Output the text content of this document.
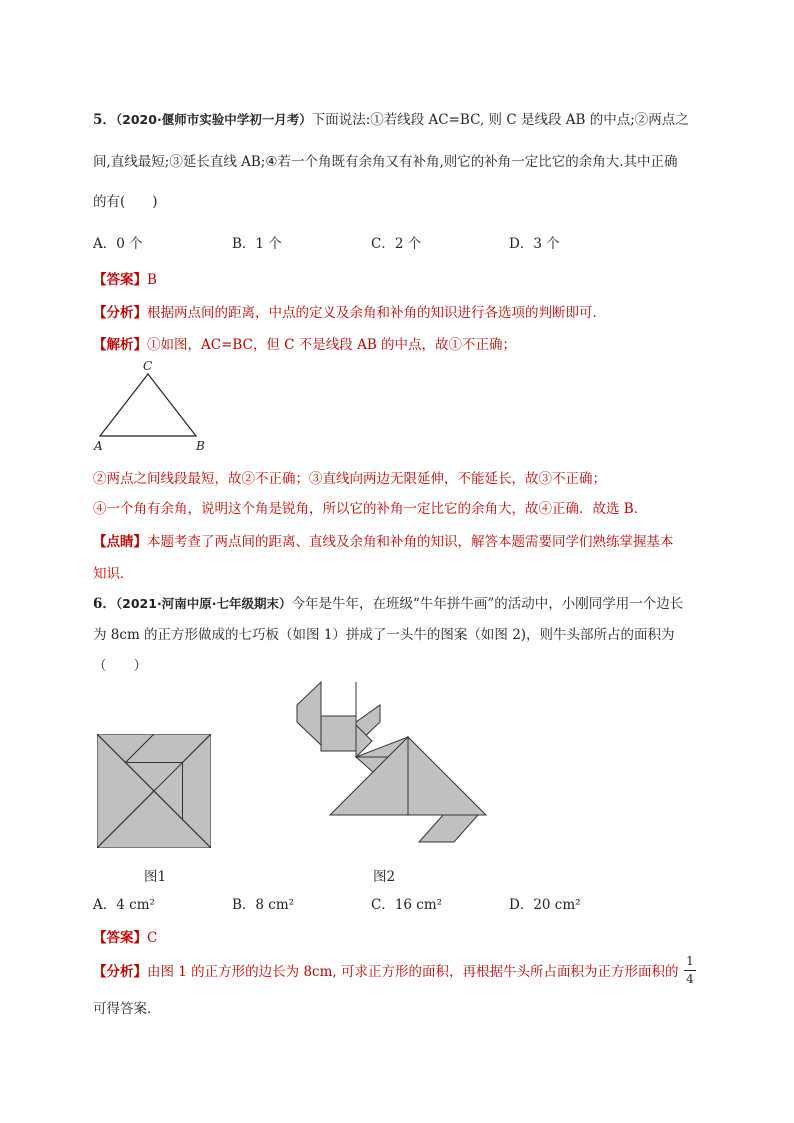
5．（2020·偃师市实验中学初一月考）下面说法:①若线段 AC=BC, 则 C 是线段 AB 的中点;②两点之
间,直线最短;③延长直线 AB;④若一个角既有余角又有补角,则它的补角一定比它的余角大.其中正确
的有(　　)
A．0 个	B．1 个	C．2 个	D．3 个
【答案】B
【分析】根据两点间的距离，中点的定义及余角和补角的知识进行各选项的判断即可．
【解析】①如图，AC=BC，但 C 不是线段 AB 的中点，故①不正确；
C
A	B
②两点之间线段最短，故②不正确；③直线向两边无限延伸，不能延长，故③不正确；
④一个角有余角，说明这个角是锐角，所以它的补角一定比它的余角大，故④正确．故选 B．
【点睛】本题考查了两点间的距离、直线及余角和补角的知识，解答本题需要同学们熟练掌握基本
知识．
6．（2021·河南中原·七年级期末）今年是牛年，在班级“牛年拼牛画”的活动中，小刚同学用一个边长
为 8cm 的正方形做成的七巧板（如图 1）拼成了一头牛的图案（如图 2)，则牛头部所占的面积为
（　　）
图1	图2
A．4 cm²	B．8 cm²	C．16 cm²	D．20 cm²
【答案】C
【分析】由图 1 的正方形的边长为 8cm, 可求正方形的面积，再根据牛头所占面积为正方形面积的
1
4
可得答案．
